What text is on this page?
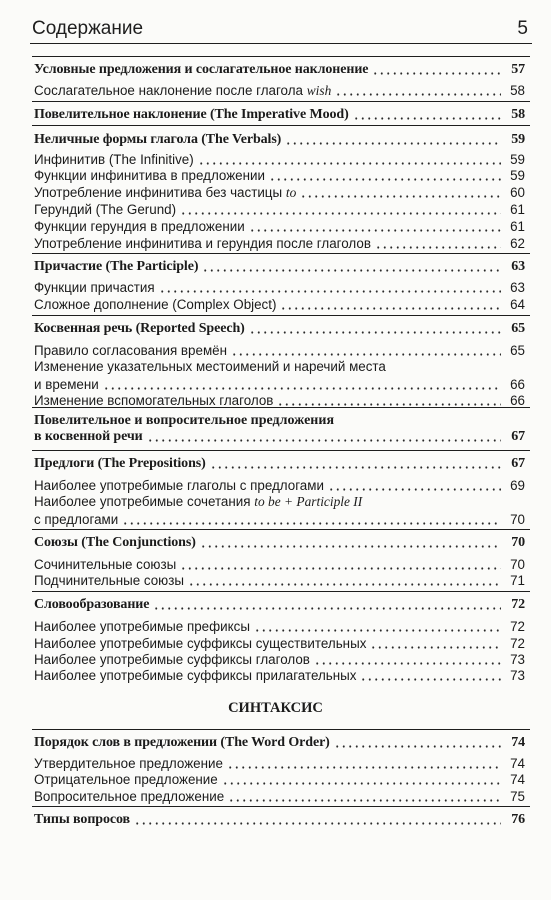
Содержание	5
СИНТАКСИС
Условные предложения и сослагательное наклонение	57
Сослагательное наклонение после глагола wish	58
Повелительное наклонение (The Imperative Mood)	58
Неличные формы глагола (The Verbals)	59
Инфинитив (The Infinitive)	59
Функции инфинитива в предложении	59
Употребление инфинитива без частицы to	60
Герундий (The Gerund)	61
Функции герундия в предложении	61
Употребление инфинитива и герундия после глаголов	62
Причастие (The Participle)	63
Функции причастия	63
Сложное дополнение (Complex Object)	64
Косвенная речь (Reported Speech)	65
Правило согласования времён	65
Изменение указательных местоимений и наречий места
и времени	66
Изменение вспомогательных глаголов	66
Повелительное и вопросительное предложения
в косвенной речи	67
Предлоги (The Prepositions)	67
Наиболее употребимые глаголы с предлогами	69
Наиболее употребимые сочетания to be + Participle II
с предлогами	70
Союзы (The Conjunctions)	70
Сочинительные союзы	70
Подчинительные союзы	71
Словообразование	72
Наиболее употребимые префиксы	72
Наиболее употребимые суффиксы существительных	72
Наиболее употребимые суффиксы глаголов	73
Наиболее употребимые суффиксы прилагательных	73
Порядок слов в предложении (The Word Order)	74
Утвердительное предложение	74
Отрицательное предложение	74
Вопросительное предложение	75
Типы вопросов	76
